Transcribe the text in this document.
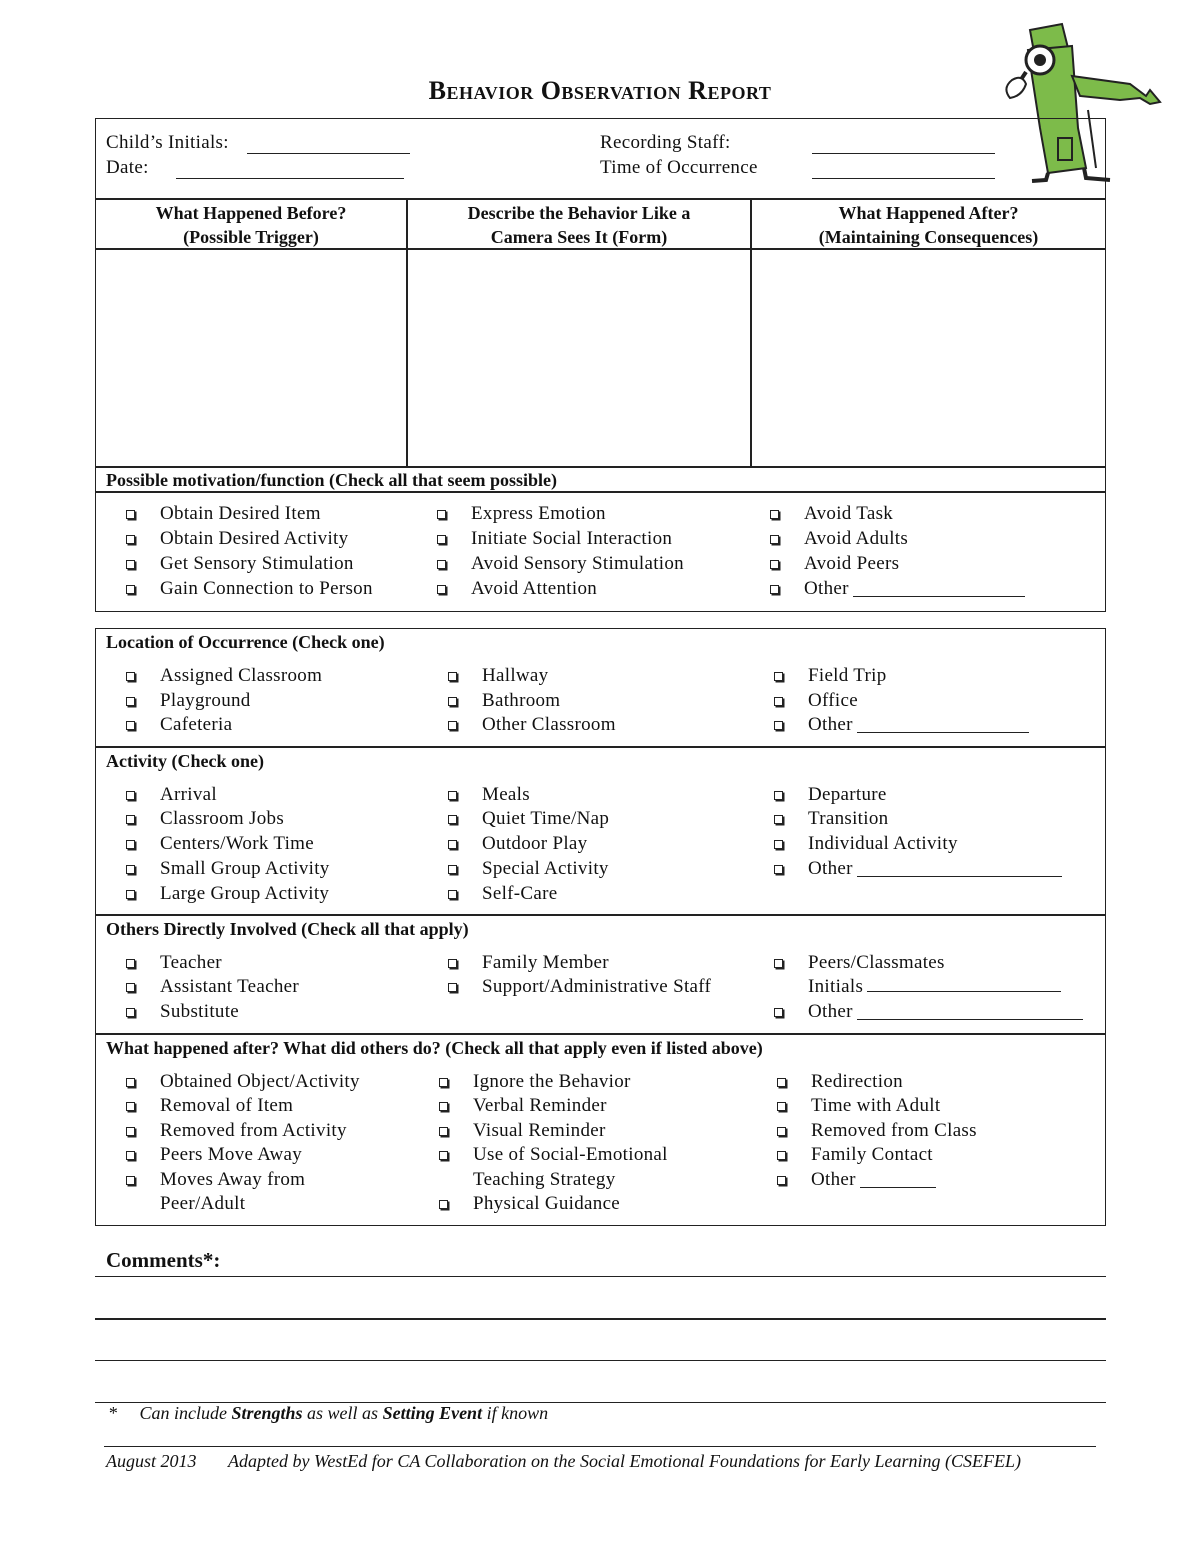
Behavior Observation Report
Child’s Initials:
Date:
Recording Staff:
Time of Occurrence
What Happened Before?
(Possible Trigger)
Describe the Behavior Like a
Camera Sees It (Form)
What Happened After?
(Maintaining Consequences)
Possible motivation/function (Check all that seem possible)
Obtain Desired Item
Obtain Desired Activity
Get Sensory Stimulation
Gain Connection to Person
Express Emotion
Initiate Social Interaction
Avoid Sensory Stimulation
Avoid Attention
Avoid Task
Avoid Adults
Avoid Peers
Other
Location of Occurrence (Check one)
Assigned Classroom
Playground
Cafeteria
Hallway
Bathroom
Other Classroom
Field Trip
Office
Other
Activity (Check one)
Arrival
Classroom Jobs
Centers/Work Time
Small Group Activity
Large Group Activity
Meals
Quiet Time/Nap
Outdoor Play
Special Activity
Self-Care
Departure
Transition
Individual Activity
Other
Others Directly Involved (Check all that apply)
Teacher
Assistant Teacher
Substitute
Family Member
Support/Administrative Staff
Peers/Classmates
Initials
Other
What happened after? What did others do? (Check all that apply even if listed above)
Obtained Object/Activity
Removal of Item
Removed from Activity
Peers Move Away
Moves Away from
Peer/Adult
Ignore the Behavior
Verbal Reminder
Visual Reminder
Use of Social-Emotional
Teaching Strategy
Physical Guidance
Redirection
Time with Adult
Removed from Class
Family Contact
Other
Comments*:
* Can include Strengths as well as Setting Event if known
August 2013 Adapted by WestEd for CA Collaboration on the Social Emotional Foundations for Early Learning (CSEFEL)
